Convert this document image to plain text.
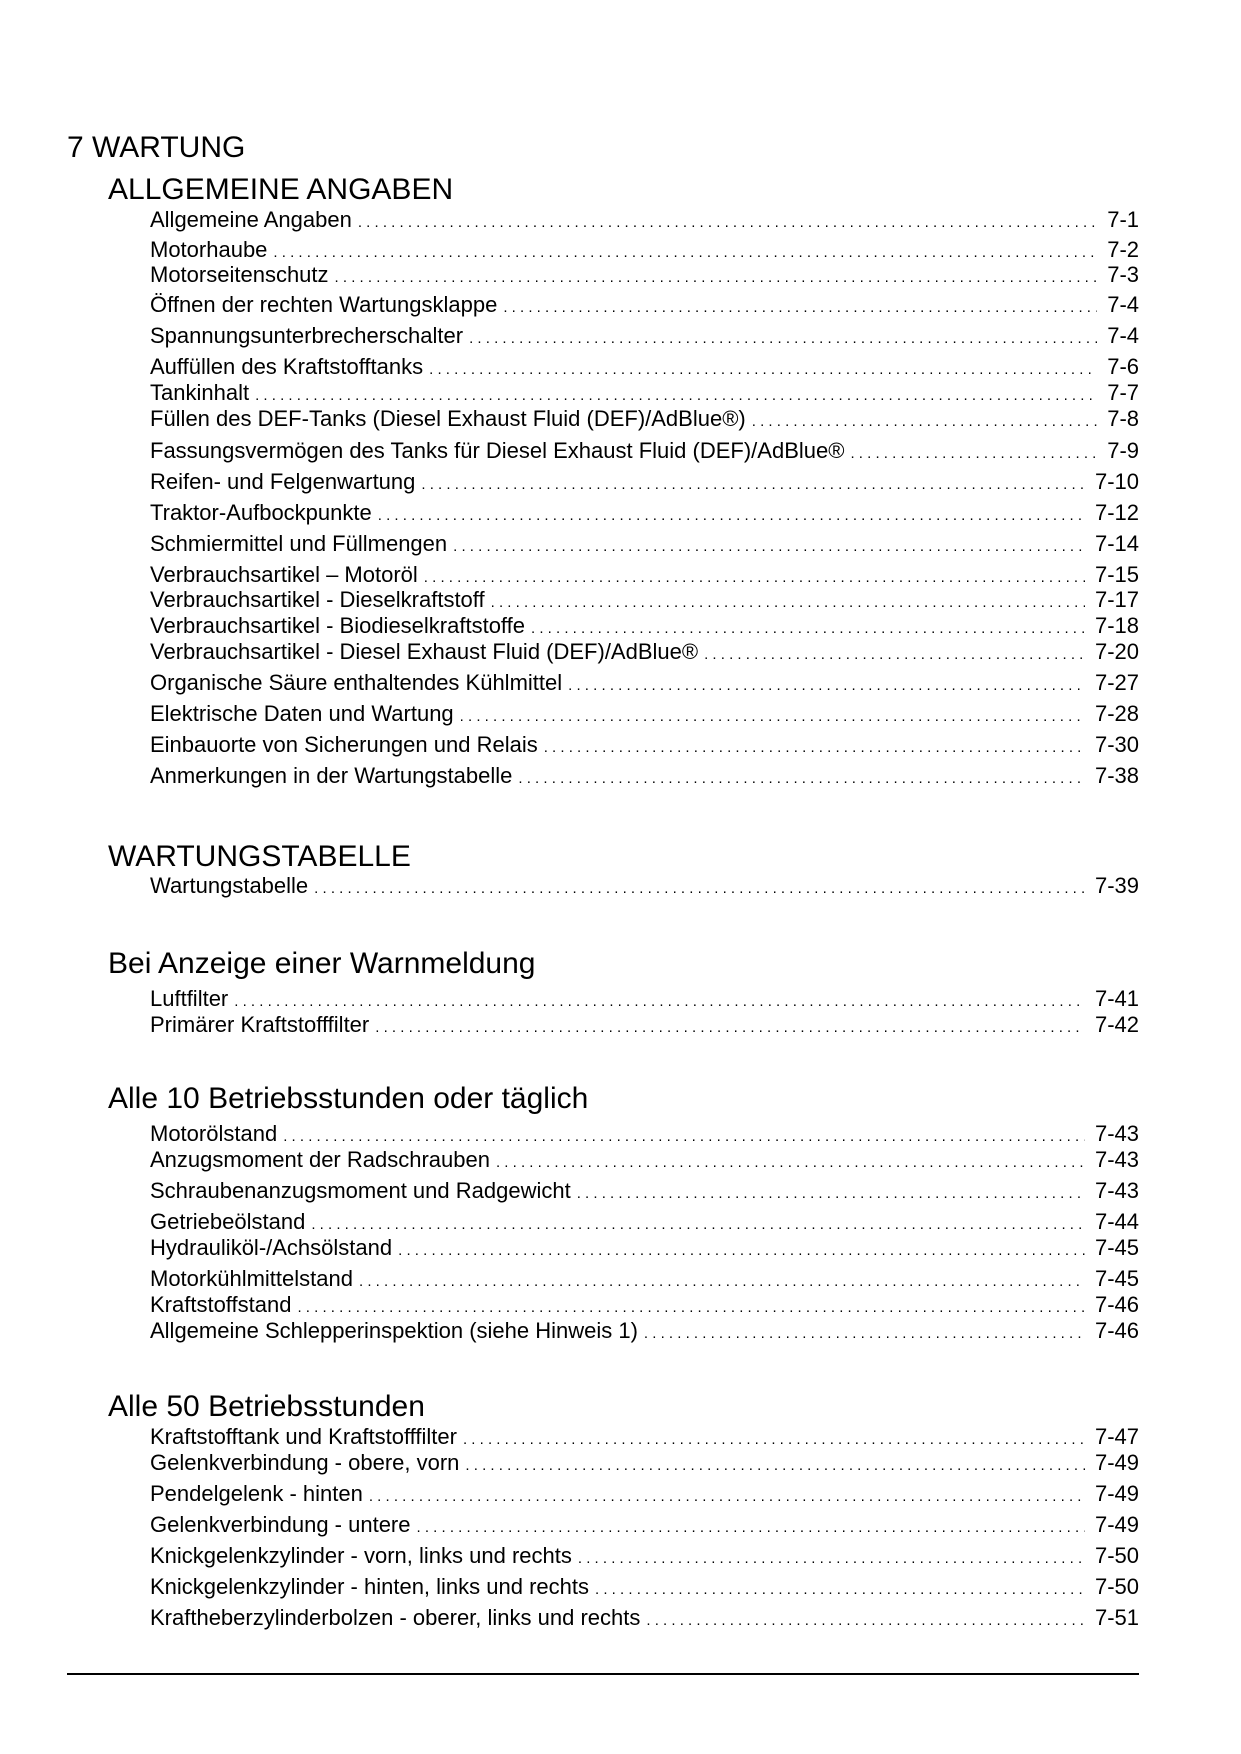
7 WARTUNG
ALLGEMEINE ANGABEN
Allgemeine Angaben . . .	7-1
Motorhaube . . .	7-2
Motorseitenschutz . . .	7-3
Öffnen der rechten Wartungsklappe . . .	7-4
Spannungsunterbrecherschalter . . .	7-4
Auffüllen des Kraftstofftanks . . .	7-6
Tankinhalt . . .	7-7
Füllen des DEF-Tanks (Diesel Exhaust Fluid (DEF)/AdBlue®) . . .	7-8
Fassungsvermögen des Tanks für Diesel Exhaust Fluid (DEF)/AdBlue® . . .	7-9
Reifen- und Felgenwartung . . .	7-10
Traktor-Aufbockpunkte . . .	7-12
Schmiermittel und Füllmengen . . .	7-14
Verbrauchsartikel – Motoröl . . .	7-15
Verbrauchsartikel - Dieselkraftstoff . . .	7-17
Verbrauchsartikel - Biodieselkraftstoffe . . .	7-18
Verbrauchsartikel - Diesel Exhaust Fluid (DEF)/AdBlue® . . .	7-20
Organische Säure enthaltendes Kühlmittel . . .	7-27
Elektrische Daten und Wartung . . .	7-28
Einbauorte von Sicherungen und Relais . . .	7-30
Anmerkungen in der Wartungstabelle . . .	7-38
WARTUNGSTABELLE
Wartungstabelle . . .	7-39
Bei Anzeige einer Warnmeldung
Luftfilter . . .	7-41
Primärer Kraftstofffilter . . .	7-42
Alle 10 Betriebsstunden oder täglich
Motorölstand . . .	7-43
Anzugsmoment der Radschrauben . . .	7-43
Schraubenanzugsmoment und Radgewicht . . .	7-43
Getriebeölstand . . .	7-44
Hydrauliköl-/Achsölstand . . .	7-45
Motorkühlmittelstand . . .	7-45
Kraftstoffstand . . .	7-46
Allgemeine Schlepperinspektion (siehe Hinweis 1) . . .	7-46
Alle 50 Betriebsstunden
Kraftstofftank und Kraftstofffilter . . .	7-47
Gelenkverbindung - obere, vorn . . .	7-49
Pendelgelenk - hinten . . .	7-49
Gelenkverbindung - untere . . .	7-49
Knickgelenkzylinder - vorn, links und rechts . . .	7-50
Knickgelenkzylinder - hinten, links und rechts . . .	7-50
Kraftheberzylinderbolzen - oberer, links und rechts . . .	7-51
